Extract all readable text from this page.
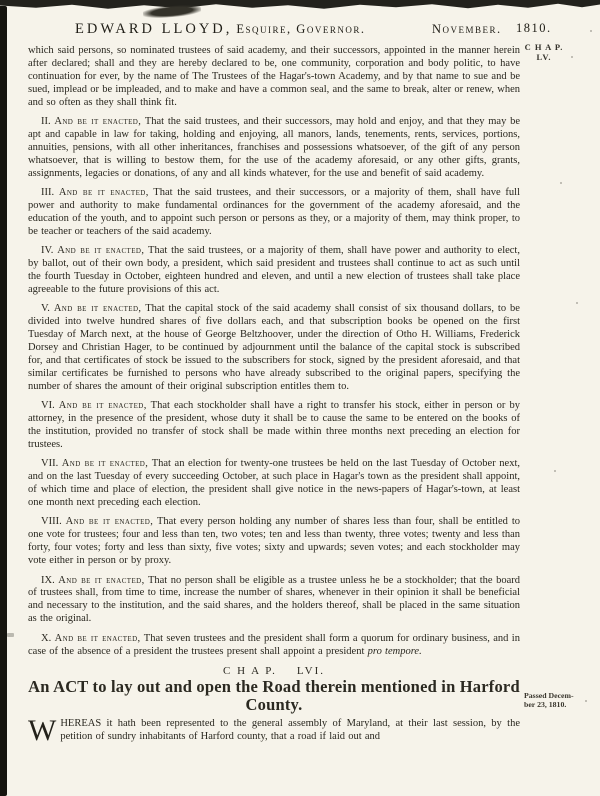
EDWARD LLOYD, Esquire, Governor.	November. 1810.
C H A P.
LV.
Passed Decem-
ber 23, 1810.

which said persons, so nominated trustees of said academy, and their successors, appointed in the manner herein after declared; shall and they are hereby declared to be, one community, corporation and body politic, to have continuation for ever, by the name of The Trustees of the Hagar's-town Academy, and by that name to sue and be sued, implead or be impleaded, and to make and have a common seal, and the same to break, alter or renew, when and so often as they shall think fit.

II. And be it enacted, That the said trustees, and their successors, may hold and enjoy, and that they may be apt and capable in law for taking, holding and enjoying, all manors, lands, tenements, rents, services, portions, annuities, pensions, with all other inheritances, franchises and possessions whatsoever, of the gift of any person whatsoever, that is willing to bestow them, for the use of the academy aforesaid, or any other gifts, grants, assignments, legacies or donations, of any and all kinds whatever, for the use and benefit of said academy.

III. And be it enacted, That the said trustees, and their successors, or a majority of them, shall have full power and authority to make fundamental ordinances for the government of the academy aforesaid, and the education of the youth, and to appoint such person or persons as they, or a majority of them, may think proper, to be teacher or teachers of the said academy.

IV. And be it enacted, That the said trustees, or a majority of them, shall have power and authority to elect, by ballot, out of their own body, a president, which said president and trustees shall continue to act as such until the fourth Tuesday in October, eighteen hundred and eleven, and until a new election of trustees shall take place agreeable to the future provisions of this act.

V. And be it enacted, That the capital stock of the said academy shall consist of six thousand dollars, to be divided into twelve hundred shares of five dollars each, and that subscription books be opened on the first Tuesday of March next, at the house of George Beltzhoover, under the direction of Otho H. Williams, Frederick Dorsey and Christian Hager, to be continued by adjournment until the balance of the capital stock is subscribed for, and that certificates of stock be issued to the subscribers for stock, signed by the president aforesaid, and that similar certificates be furnished to persons who have already subscribed to the original papers, specifying the number of shares the amount of their original subscription entitles them to.

VI. And be it enacted, That each stockholder shall have a right to transfer his stock, either in person or by attorney, in the presence of the president, whose duty it shall be to cause the same to be entered on the books of the institution, provided no transfer of stock shall be made within three months next preceding an election for trustees.

VII. And be it enacted, That an election for twenty-one trustees be held on the last Tuesday of October next, and on the last Tuesday of every succeeding October, at such place in Hagar's town as the president shall appoint, of which time and place of election, the president shall give notice in the news-papers of Hagar's-town, at least one month next preceding each election.

VIII. And be it enacted, That every person holding any number of shares less than four, shall be entitled to one vote for trustees; four and less than ten, two votes; ten and less than twenty, three votes; twenty and less than forty, four votes; forty and less than sixty, five votes; sixty and upwards; seven votes; and each stockholder may vote either in person or by proxy.

IX. And be it enacted, That no person shall be eligible as a trustee unless he be a stockholder; that the board of trustees shall, from time to time, increase the number of shares, whenever in their opinion it shall be beneficial and necessary to the institution, and the said shares, and the holders thereof, shall be placed in the same situation as the original.

X. And be it enacted, That seven trustees and the president shall form a quorum for ordinary business, and in case of the absence of a president the trustees present shall appoint a president pro tempore.

C H A P. LVI.
An ACT to lay out and open the Road therein mentioned in Harford
County.

WHEREAS it hath been represented to the general assembly of Maryland, at their last session, by the petition of sundry inhabitants of Harford county, that a road if laid out and
